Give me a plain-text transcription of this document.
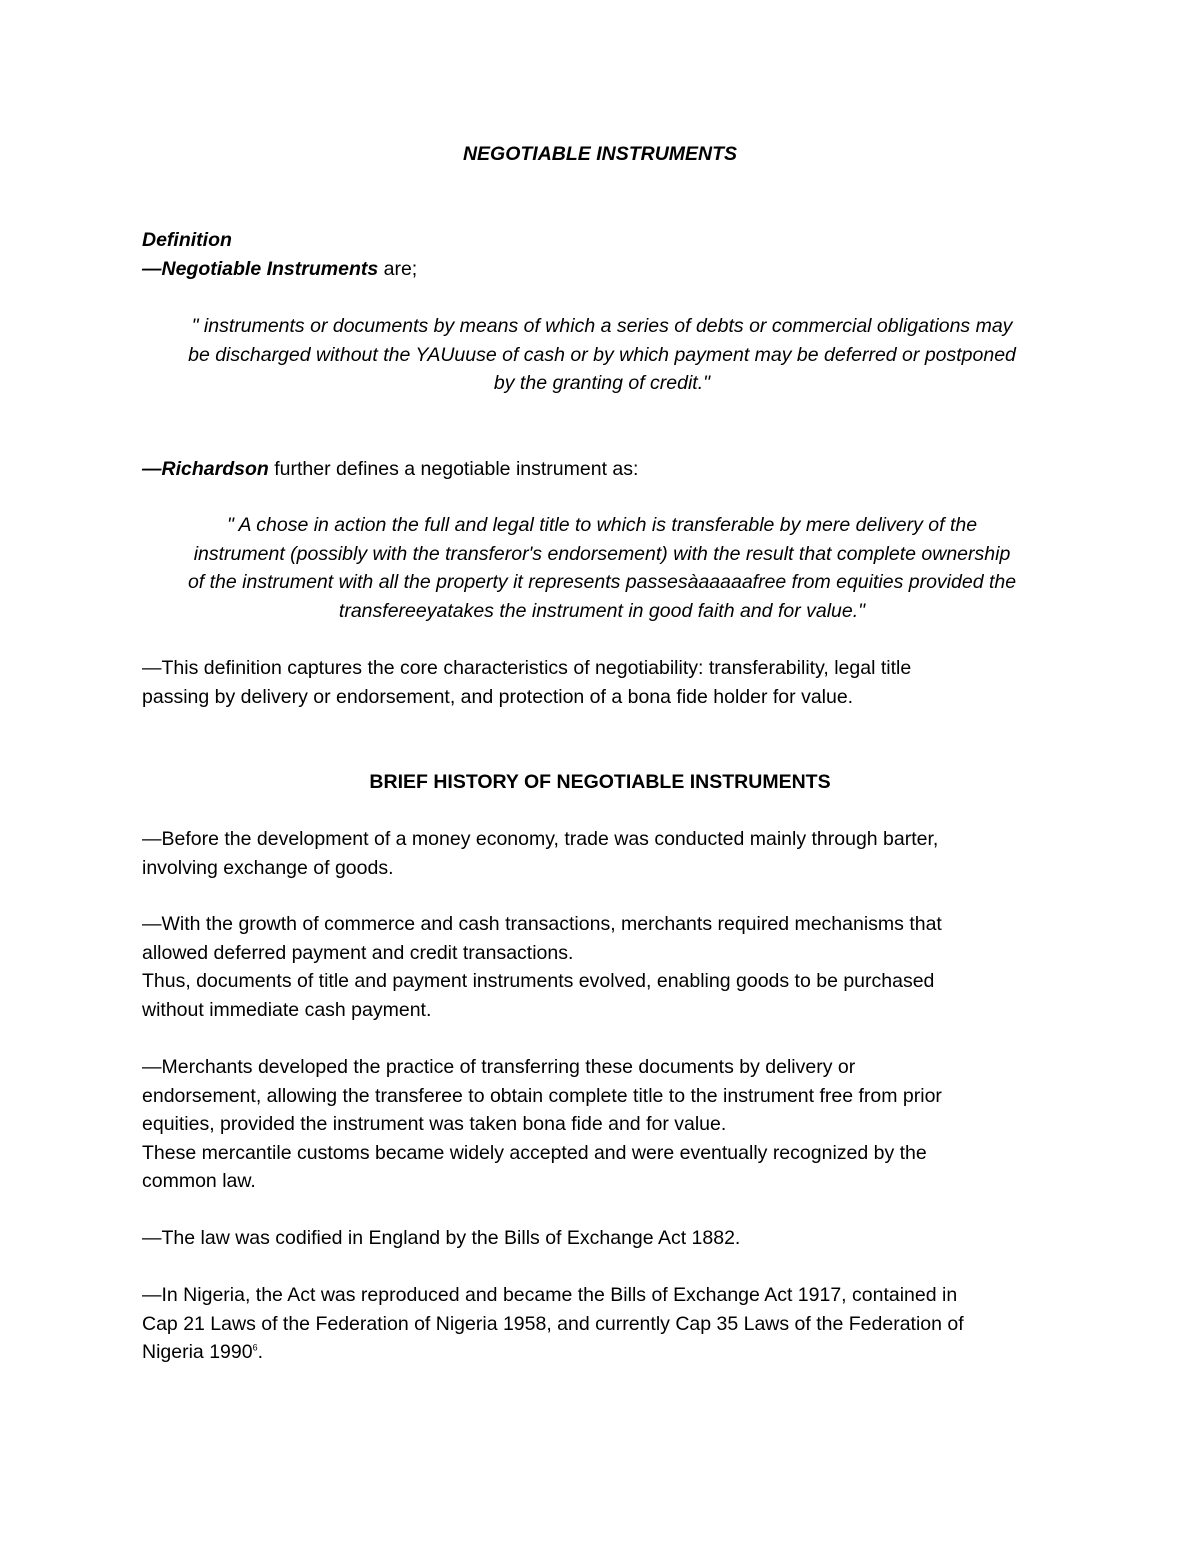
NEGOTIABLE INSTRUMENTS
Definition
—Negotiable Instruments are;
" instruments or documents by means of which a series of debts or commercial obligations may
be discharged without the YAUuuse of cash or by which payment may be deferred or postponed
by the granting of credit."
—Richardson further defines a negotiable instrument as:
" A chose in action the full and legal title to which is transferable by mere delivery of the
instrument (possibly with the transferor's endorsement) with the result that complete ownership
of the instrument with all the property it represents passesàaaaaafree from equities provided the
transfereeyatakes the instrument in good faith and for value."
—This definition captures the core characteristics of negotiability: transferability, legal title
passing by delivery or endorsement, and protection of a bona fide holder for value.
BRIEF HISTORY OF NEGOTIABLE INSTRUMENTS
—Before the development of a money economy, trade was conducted mainly through barter,
involving exchange of goods.
—With the growth of commerce and cash transactions, merchants required mechanisms that
allowed deferred payment and credit transactions.
Thus, documents of title and payment instruments evolved, enabling goods to be purchased
without immediate cash payment.
—Merchants developed the practice of transferring these documents by delivery or
endorsement, allowing the transferee to obtain complete title to the instrument free from prior
equities, provided the instrument was taken bona fide and for value.
These mercantile customs became widely accepted and were eventually recognized by the
common law.
—The law was codified in England by the Bills of Exchange Act 1882.
—In Nigeria, the Act was reproduced and became the Bills of Exchange Act 1917, contained in
Cap 21 Laws of the Federation of Nigeria 1958, and currently Cap 35 Laws of the Federation of
Nigeria 1990$^6$.
